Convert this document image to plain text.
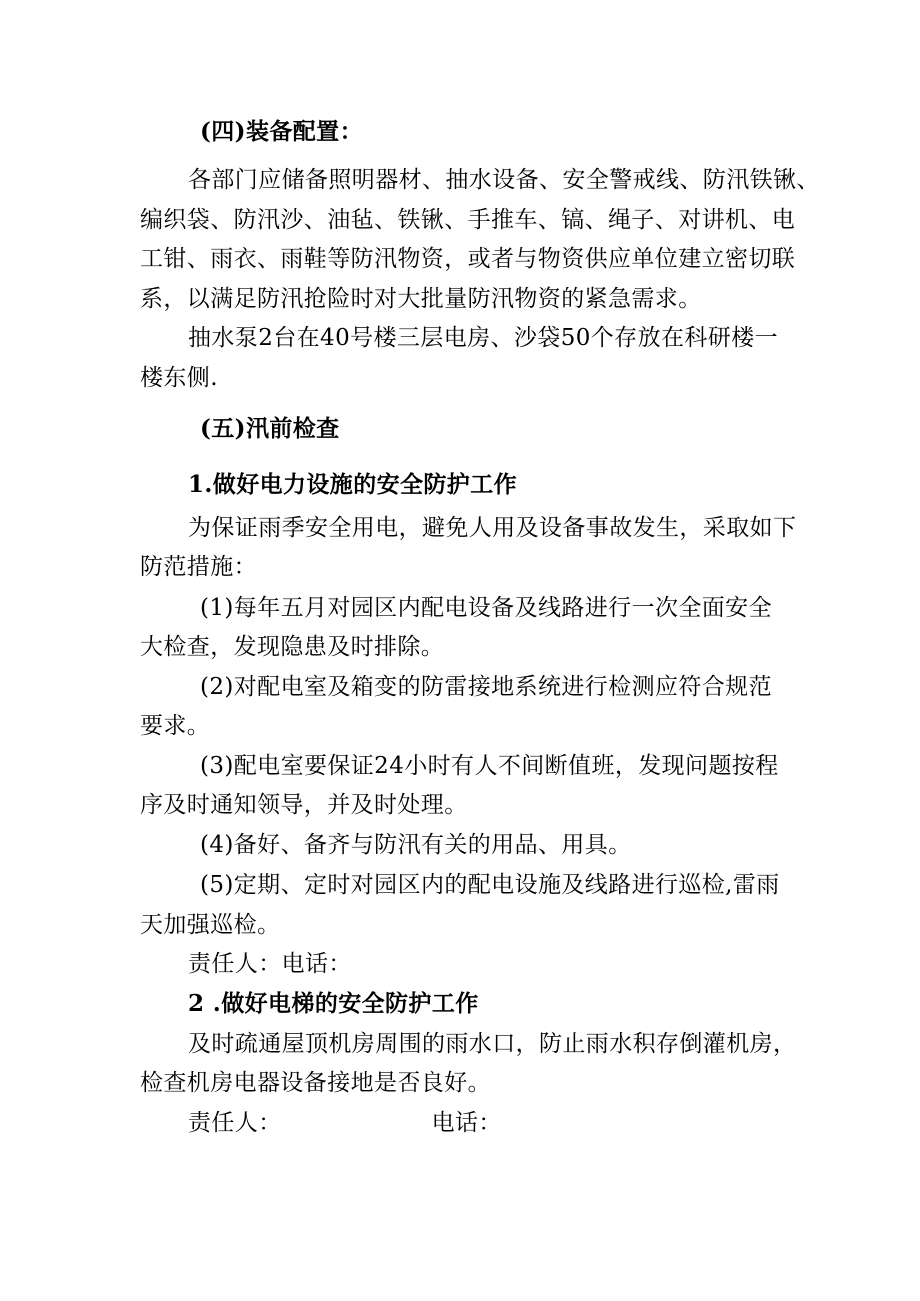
(四)装备配置：
各部门应储备照明器材、抽水设备、安全警戒线、防汛铁锹、
编织袋、防汛沙、油毡、铁锹、手推车、镐、绳子、对讲机、电
工钳、雨衣、雨鞋等防汛物资，或者与物资供应单位建立密切联
系，以满足防汛抢险时对大批量防汛物资的紧急需求。
抽水泵2台在40号楼三层电房、沙袋50个存放在科研楼一
楼东侧.
(五)汛前检查
1.做好电力设施的安全防护工作
为保证雨季安全用电，避免人用及设备事故发生，采取如下
防范措施：
(1)每年五月对园区内配电设备及线路进行一次全面安全
大检查，发现隐患及时排除。
(2)对配电室及箱变的防雷接地系统进行检测应符合规范
要求。
(3)配电室要保证24小时有人不间断值班，发现问题按程
序及时通知领导，并及时处理。
(4)备好、备齐与防汛有关的用品、用具。
(5)定期、定时对园区内的配电设施及线路进行巡检,雷雨
天加强巡检。
责任人：电话：
2 .做好电梯的安全防护工作
及时疏通屋顶机房周围的雨水口，防止雨水积存倒灌机房，
检查机房电器设备接地是否良好。
责任人：	电话：
